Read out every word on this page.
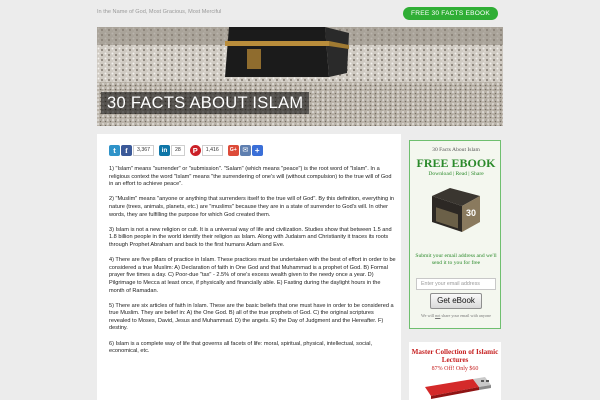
In the Name of God, Most Gracious, Most Merciful	FREE 30 FACTS EBOOK
30 FACTS ABOUT ISLAM
t	f	3,367	in	28	P	1,416	G+ ✉ +

1) "Islam" means "surrender" or "submission". "Salam" (which means "peace") is the root word of "Islam". In a religious context the word "Islam" means "the surrendering of one's will (without compulsion) to the true will of God in an effort to achieve peace".

2) "Muslim" means "anyone or anything that surrenders itself to the true will of God". By this definition, everything in nature (trees, animals, planets, etc.) are "muslims" because they are in a state of surrender to God's will. In other words, they are fulfilling the purpose for which God created them.

3) Islam is not a new religion or cult. It is a universal way of life and civilization. Studies show that between 1.5 and 1.8 billion people in the world identify their religion as Islam. Along with Judaism and Christianity it traces its roots through Prophet Abraham and back to the first humans Adam and Eve.

4) There are five pillars of practice in Islam. These practices must be undertaken with the best of effort in order to be considered a true Muslim: A) Declaration of faith in One God and that Muhammad is a prophet of God. B) Formal prayer five times a day. C) Poor-due "tax" - 2.5% of one's excess wealth given to the needy once a year. D) Pilgrimage to Mecca at least once, if physically and financially able. E) Fasting during the daylight hours in the month of Ramadan.

5) There are six articles of faith in Islam. These are the basic beliefs that one must have in order to be considered a true Muslim. They are belief in: A) the One God. B) all of the true prophets of God. C) the original scriptures revealed to Moses, David, Jesus and Muhammad. D) the angels. E) the Day of Judgment and the Hereafter. F) destiny.

6) Islam is a complete way of life that governs all facets of life: moral, spiritual, physical, intellectual, social, economical, etc.

30 Facts About Islam
FREE EBOOK
Download | Read | Share
30
Submit your email address and we'll send it to you for free
Enter your email address
Get eBook
We will not share your email with anyone
Master Collection of Islamic Lectures
87% Off! Only $60
